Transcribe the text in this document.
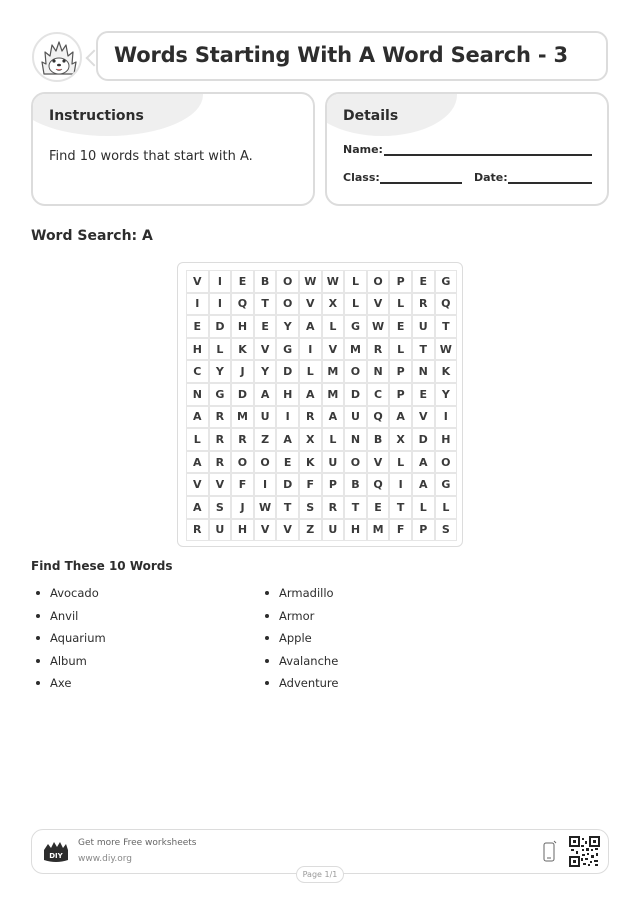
Words Starting With A Word Search - 3
Instructions
Find 10 words that start with A.
Details
Name:
Class:	Date:
Word Search: A
V	I	E	B	O	W W	L	O	P	E	G
I	I	Q	T	O	V	X	L	V	L	R	Q
E	D	H	E	Y	A	L	G	W	E	U	T
H	L	K	V	G	I	V	M	R	L	T	W
C	Y	J	Y	D	L	M	O	N	P	N	K
N	G	D	A	H	A	M	D	C	P	E	Y
A	R	M	U	I	R	A	U	Q	A	V	I
L	R	R	Z	A	X	L	N	B	X	D	H
A	R	O	O	E	K	U	O	V	L	A	O
V	V	F	I	D	F	P	B	Q	I	A	G
A	S	J	W	T	S	R	T	E	T	L	L
R	U	H	V	V	Z	U	H	M	F	P	S
Find These 10 Words
Avocado
Anvil
Aquarium
Album
Axe
Armadillo
Armor
Apple
Avalanche
Adventure
DIY
Get more Free worksheets
www.diy.org
Page 1/1
